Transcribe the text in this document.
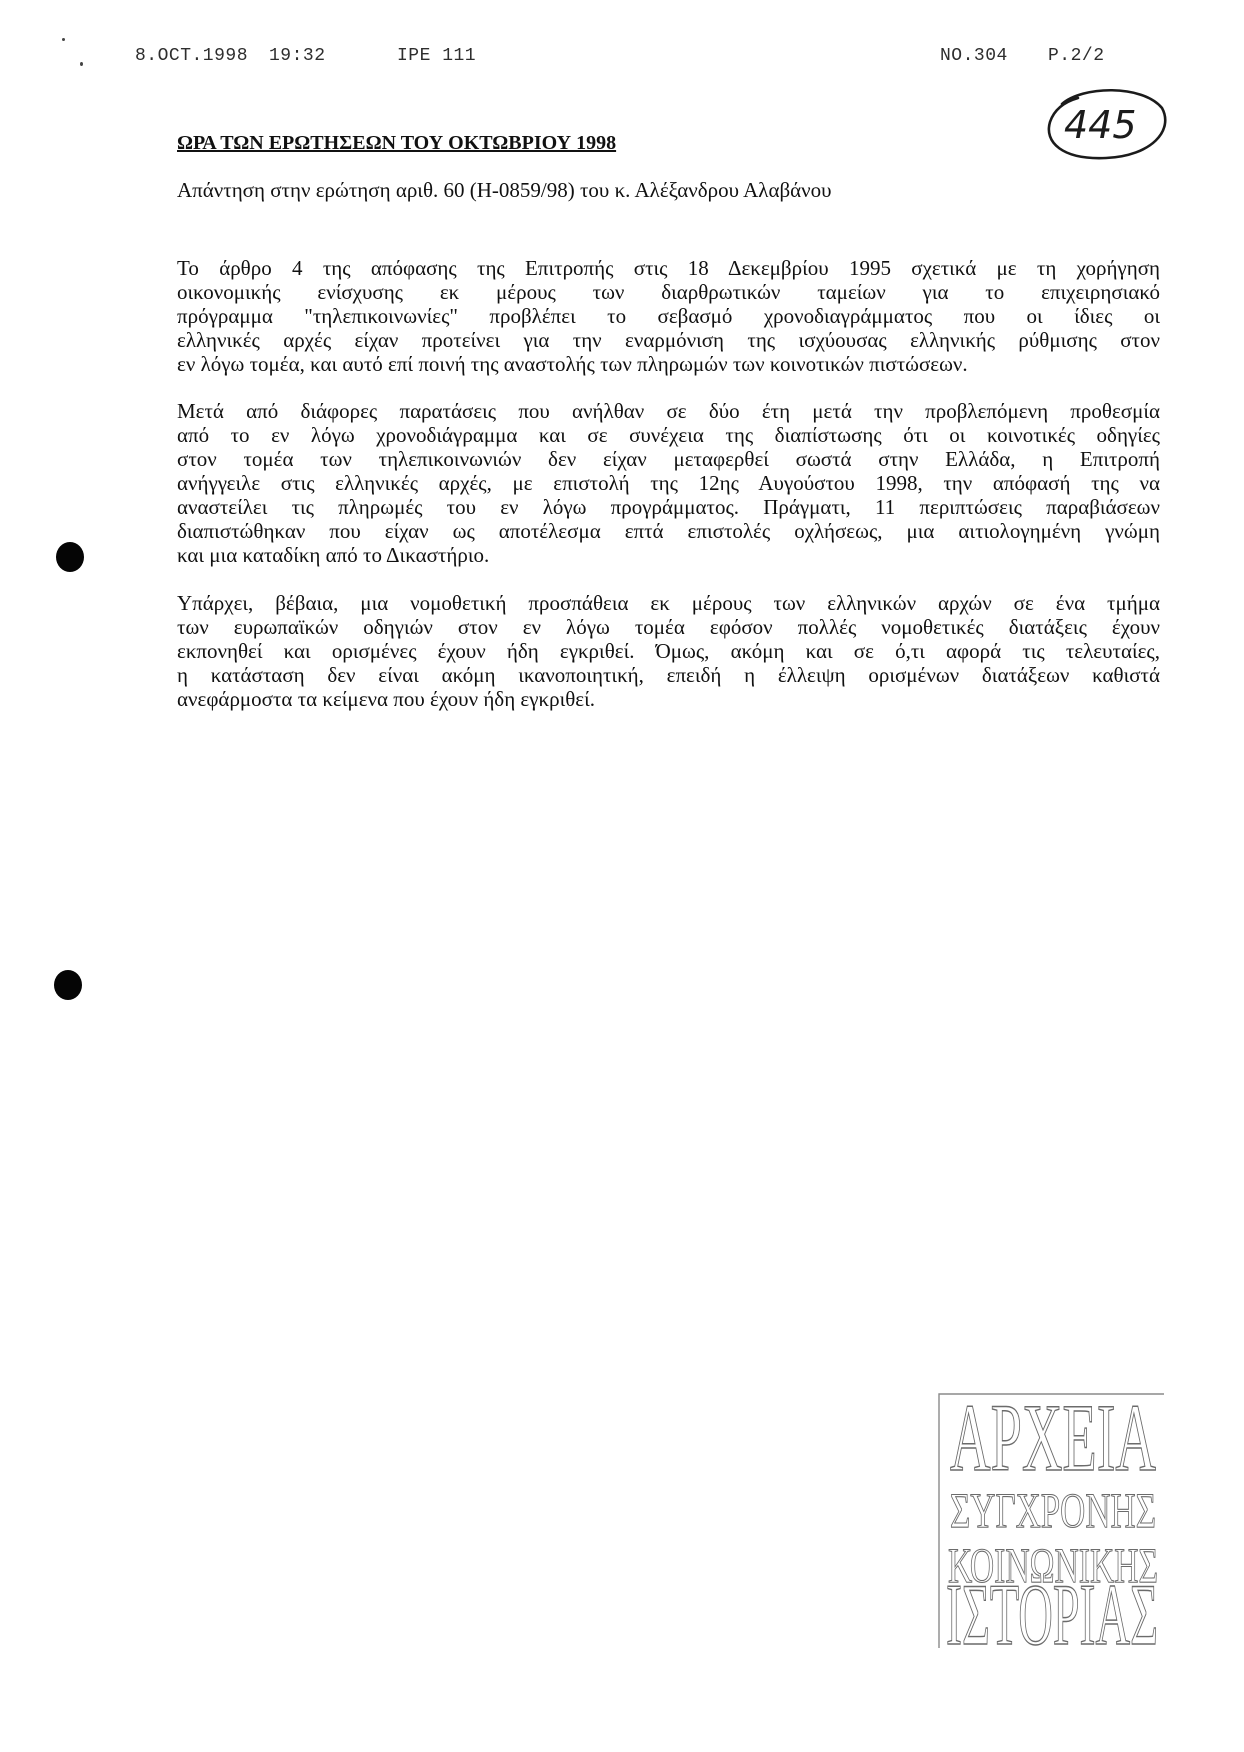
8.OCT.1998 19:32	IPE 111	NO.304 P.2/2
445
ΩΡΑ ΤΩΝ ΕΡΩΤΗΣΕΩΝ ΤΟΥ ΟΚΤΩΒΡΙΟΥ 1998
Απάντηση στην ερώτηση αριθ. 60 (Η-0859/98) του κ. Αλέξανδρου Αλαβάνου
Το άρθρο 4 της απόφασης της Επιτροπής στις 18 Δεκεμβρίου 1995 σχετικά με τη χορήγηση
οικονομικής ενίσχυσης εκ μέρους των διαρθρωτικών ταμείων για το επιχειρησιακό
πρόγραμμα "τηλεπικοινωνίες" προβλέπει το σεβασμό χρονοδιαγράμματος που οι ίδιες οι
ελληνικές αρχές είχαν προτείνει για την εναρμόνιση της ισχύουσας ελληνικής ρύθμισης στον
εν λόγω τομέα, και αυτό επί ποινή της αναστολής των πληρωμών των κοινοτικών πιστώσεων.
Μετά από διάφορες παρατάσεις που ανήλθαν σε δύο έτη μετά την προβλεπόμενη προθεσμία
από το εν λόγω χρονοδιάγραμμα και σε συνέχεια της διαπίστωσης ότι οι κοινοτικές οδηγίες
στον τομέα των τηλεπικοινωνιών δεν είχαν μεταφερθεί σωστά στην Ελλάδα, η Επιτροπή
ανήγγειλε στις ελληνικές αρχές, με επιστολή της 12ης Αυγούστου 1998, την απόφασή της να
αναστείλει τις πληρωμές του εν λόγω προγράμματος. Πράγματι, 11 περιπτώσεις παραβιάσεων
διαπιστώθηκαν που είχαν ως αποτέλεσμα επτά επιστολές οχλήσεως, μια αιτιολογημένη γνώμη
και μια καταδίκη από το Δικαστήριο.
Υπάρχει, βέβαια, μια νομοθετική προσπάθεια εκ μέρους των ελληνικών αρχών σε ένα τμήμα
των ευρωπαϊκών οδηγιών στον εν λόγω τομέα εφόσον πολλές νομοθετικές διατάξεις έχουν
εκπονηθεί και ορισμένες έχουν ήδη εγκριθεί. Όμως, ακόμη και σε ό,τι αφορά τις τελευταίες,
η κατάσταση δεν είναι ακόμη ικανοποιητική, επειδή η έλλειψη ορισμένων διατάξεων καθιστά
ανεφάρμοστα τα κείμενα που έχουν ήδη εγκριθεί.
ΑΡΧΕΙΑ
ΣΥΓΧΡΟΝΗΣ
ΚΟΙΝΩΝΙΚΗΣ
ΙΣΤΟΡΙΑΣ
